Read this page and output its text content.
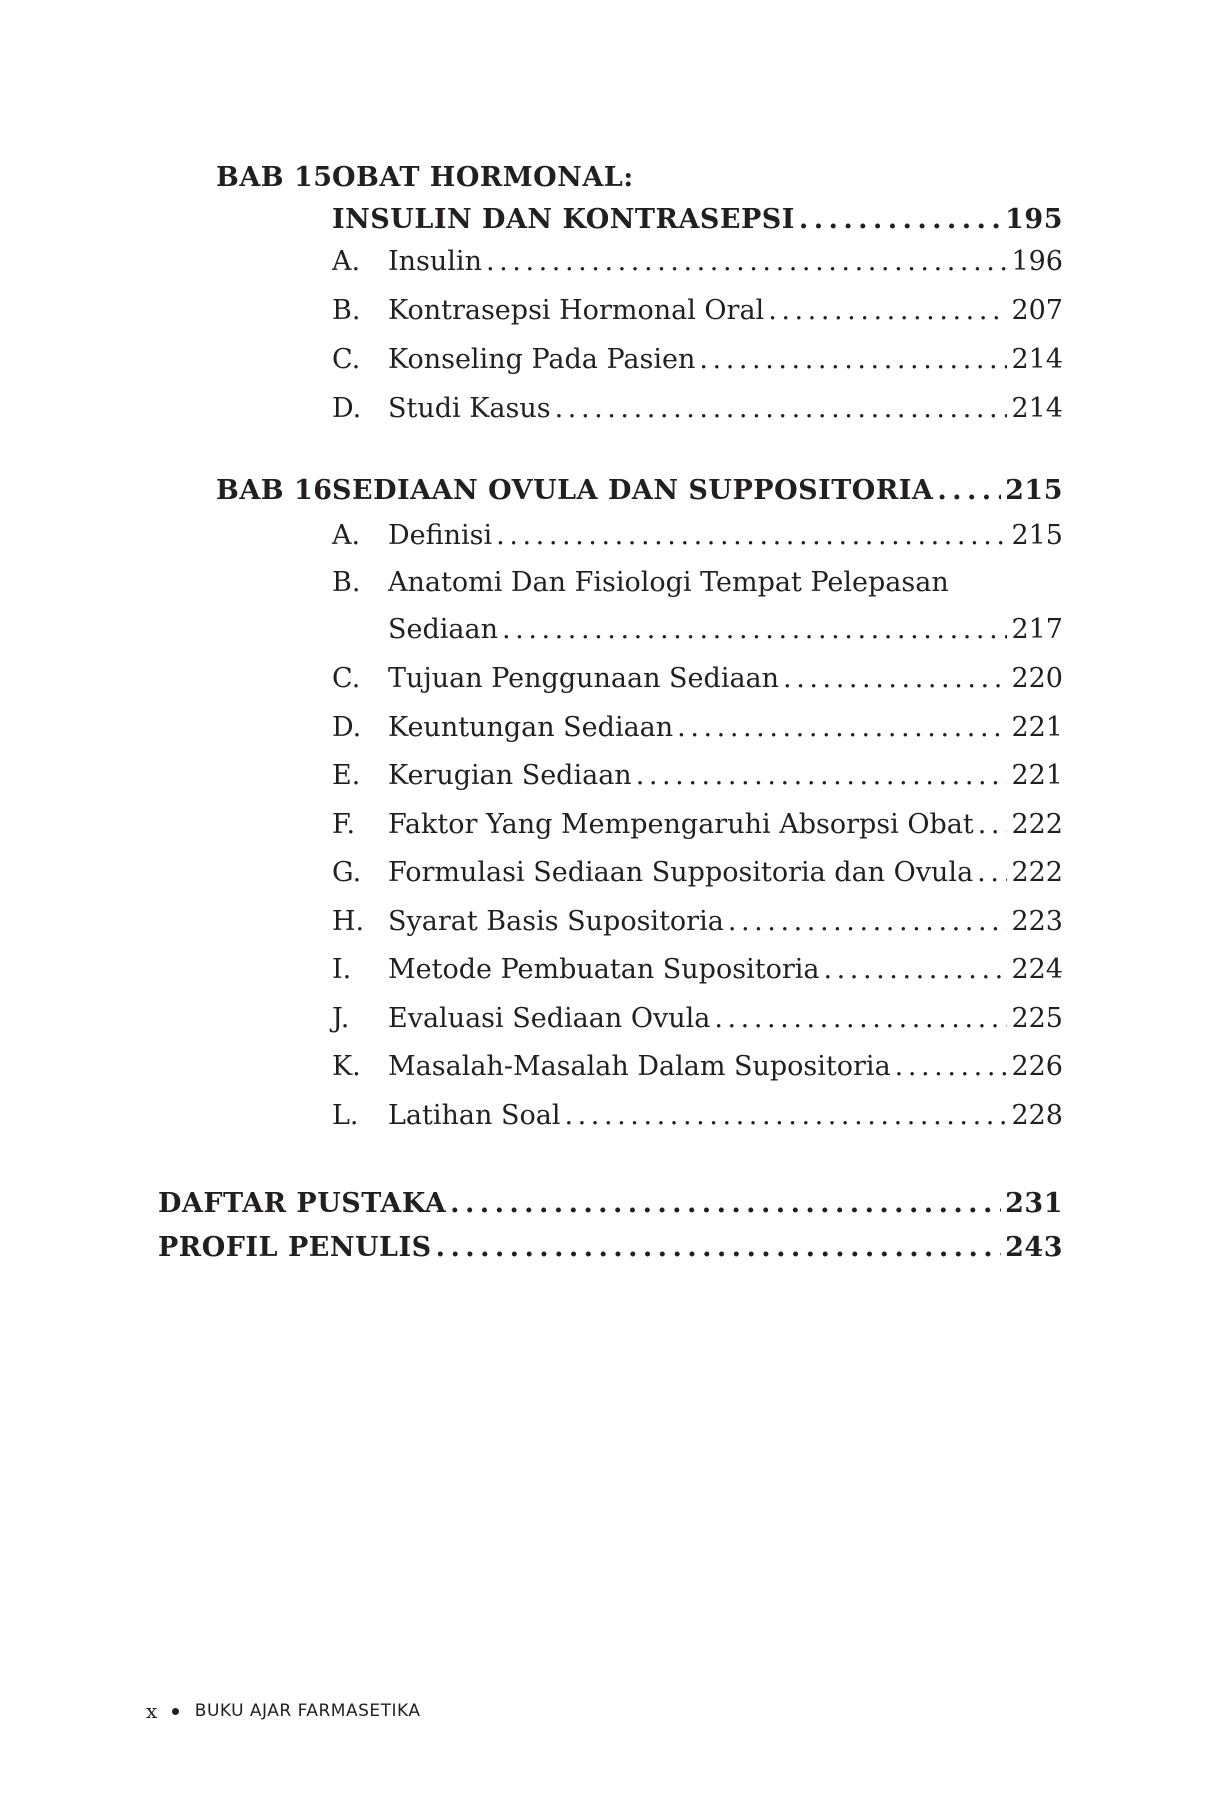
BAB 15 OBAT HORMONAL:
INSULIN DAN KONTRASEPSI . . .	195
A.	Insulin . . .	196
B.	Kontrasepsi Hormonal Oral . . .	207
C.	Konseling Pada Pasien . . .	214
D. Studi Kasus . . .	214
BAB 16 SEDIAAN OVULA DAN SUPPOSITORIA . . .	215
A.	Definisi . . .	215
B.	Anatomi Dan Fisiologi Tempat Pelepasan
Sediaan . . .	217
C.	Tujuan Penggunaan Sediaan . . .	220
D. Keuntungan Sediaan . . .	221
E.	Kerugian Sediaan . . .	221
F.	Faktor Yang Mempengaruhi Absorpsi Obat . . . 222
G. Formulasi Sediaan Suppositoria dan Ovula . . . 222
H. Syarat Basis Supositoria . . .	223
I.	Metode Pembuatan Supositoria . . .	224
J.	Evaluasi Sediaan Ovula . . .	225
K.	Masalah-Masalah Dalam Supositoria . . .	226
L.	Latihan Soal . . .	228
DAFTAR PUSTAKA . . .	231
PROFIL PENULIS . . .	243
x BUKU AJAR FARMASETIKA
